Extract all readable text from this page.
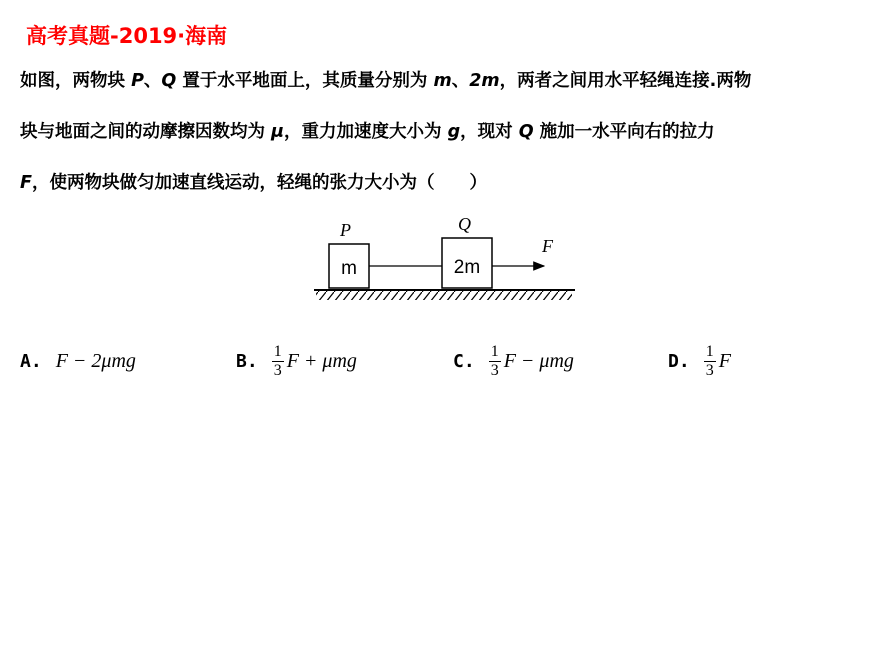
高考真题-2019·海南
如图，两物块 P、Q 置于水平地面上，其质量分别为 m、2m，两者之间用水平轻绳连接.两物
块与地面之间的动摩擦因数均为 μ，重力加速度大小为 g，现对 Q 施加一水平向右的拉力
F，使两物块做匀加速直线运动，轻绳的张力大小为（　　）
m	2m
P	Q
F
A. F − 2μmg	B. $\frac{1}{3}$ F + μmg	C. $\frac{1}{3}$ F − μmg	D. $\frac{1}{3}$ F
